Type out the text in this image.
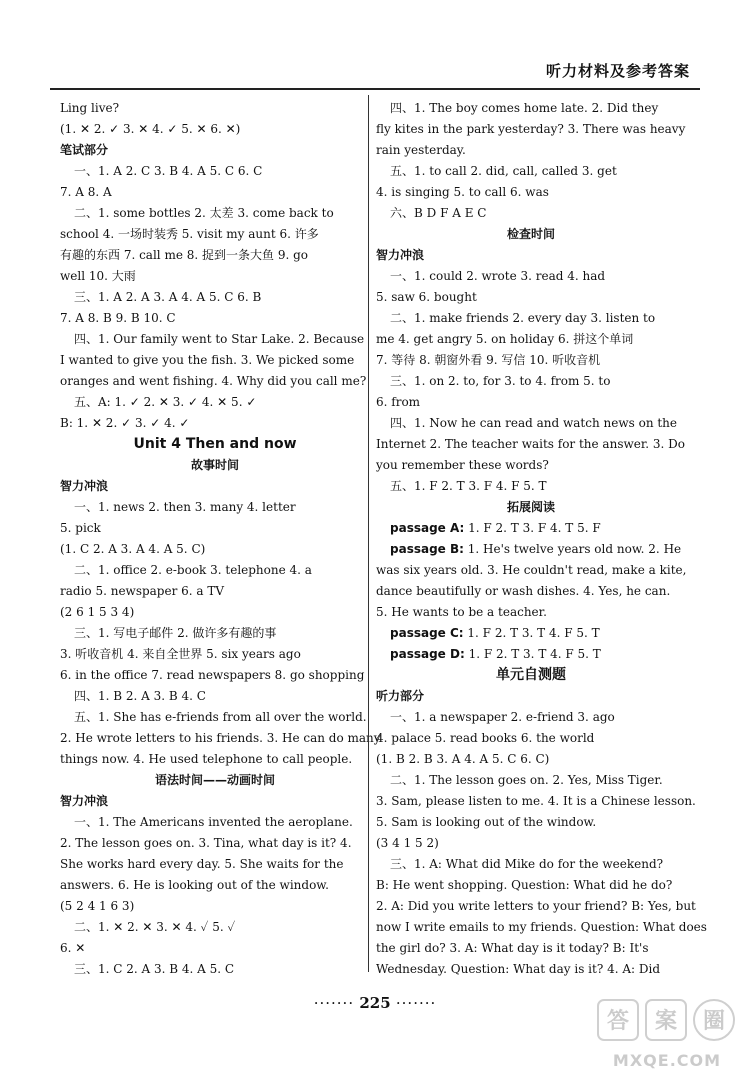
听力材料及参考答案
Ling live?
(1. ✕ 2. ✓ 3. ✕ 4. ✓ 5. ✕ 6. ✕)
笔试部分
一、1. A 2. C 3. B 4. A 5. C 6. C
7. A 8. A
二、1. some bottles 2. 太差 3. come back to
school 4. 一场时装秀 5. visit my aunt 6. 许多
有趣的东西 7. call me 8. 捉到一条大鱼 9. go
well 10. 大雨
三、1. A 2. A 3. A 4. A 5. C 6. B
7. A 8. B 9. B 10. C
四、1. Our family went to Star Lake. 2. Because
I wanted to give you the fish. 3. We picked some
oranges and went fishing. 4. Why did you call me?
五、A: 1. ✓ 2. ✕ 3. ✓ 4. ✕ 5. ✓
B: 1. ✕ 2. ✓ 3. ✓ 4. ✓
Unit 4 Then and now
故事时间
智力冲浪
一、1. news 2. then 3. many 4. letter
5. pick
(1. C 2. A 3. A 4. A 5. C)
二、1. office 2. e-book 3. telephone 4. a
radio 5. newspaper 6. a TV
(2 6 1 5 3 4)
三、1. 写电子邮件 2. 做许多有趣的事
3. 听收音机 4. 来自全世界 5. six years ago
6. in the office 7. read newspapers 8. go shopping
四、1. B 2. A 3. B 4. C
五、1. She has e-friends from all over the world.
2. He wrote letters to his friends. 3. He can do many
things now. 4. He used telephone to call people.
语法时间——动画时间
智力冲浪
一、1. The Americans invented the aeroplane.
2. The lesson goes on. 3. Tina, what day is it? 4.
She works hard every day. 5. She waits for the
answers. 6. He is looking out of the window.
(5 2 4 1 6 3)
二、1. ✕ 2. ✕ 3. ✕ 4. ✓ 5. ✓
6. ✕
三、1. C 2. A 3. B 4. A 5. C
四、1. The boy comes home late. 2. Did they
fly kites in the park yesterday? 3. There was heavy
rain yesterday.
五、1. to call 2. did, call, called 3. get
4. is singing 5. to call 6. was
六、B D F A E C
检查时间
智力冲浪
一、1. could 2. wrote 3. read 4. had
5. saw 6. bought
二、1. make friends 2. every day 3. listen to
me 4. get angry 5. on holiday 6. 拼这个单词
7. 等待 8. 朝窗外看 9. 写信 10. 听收音机
三、1. on 2. to, for 3. to 4. from 5. to
6. from
四、1. Now he can read and watch news on the
Internet 2. The teacher waits for the answer. 3. Do
you remember these words?
五、1. F 2. T 3. F 4. F 5. T
拓展阅读
passage A: 1. F 2. T 3. F 4. T 5. F
passage B: 1. He's twelve years old now. 2. He
was six years old. 3. He couldn't read, make a kite,
dance beautifully or wash dishes. 4. Yes, he can.
5. He wants to be a teacher.
passage C: 1. F 2. T 3. T 4. F 5. T
passage D: 1. F 2. T 3. T 4. F 5. T
单元自测题
听力部分
一、1. a newspaper 2. e-friend 3. ago
4. palace 5. read books 6. the world
(1. B 2. B 3. A 4. A 5. C 6. C)
二、1. The lesson goes on. 2. Yes, Miss Tiger.
3. Sam, please listen to me. 4. It is a Chinese lesson.
5. Sam is looking out of the window.
(3 4 1 5 2)
三、1. A: What did Mike do for the weekend?
B: He went shopping. Question: What did he do?
2. A: Did you write letters to your friend? B: Yes, but
now I write emails to my friends. Question: What does
the girl do? 3. A: What day is it today? B: It's
Wednesday. Question: What day is it? 4. A: Did
······· 225 ·······
答 案 圈
MXQE.COM
